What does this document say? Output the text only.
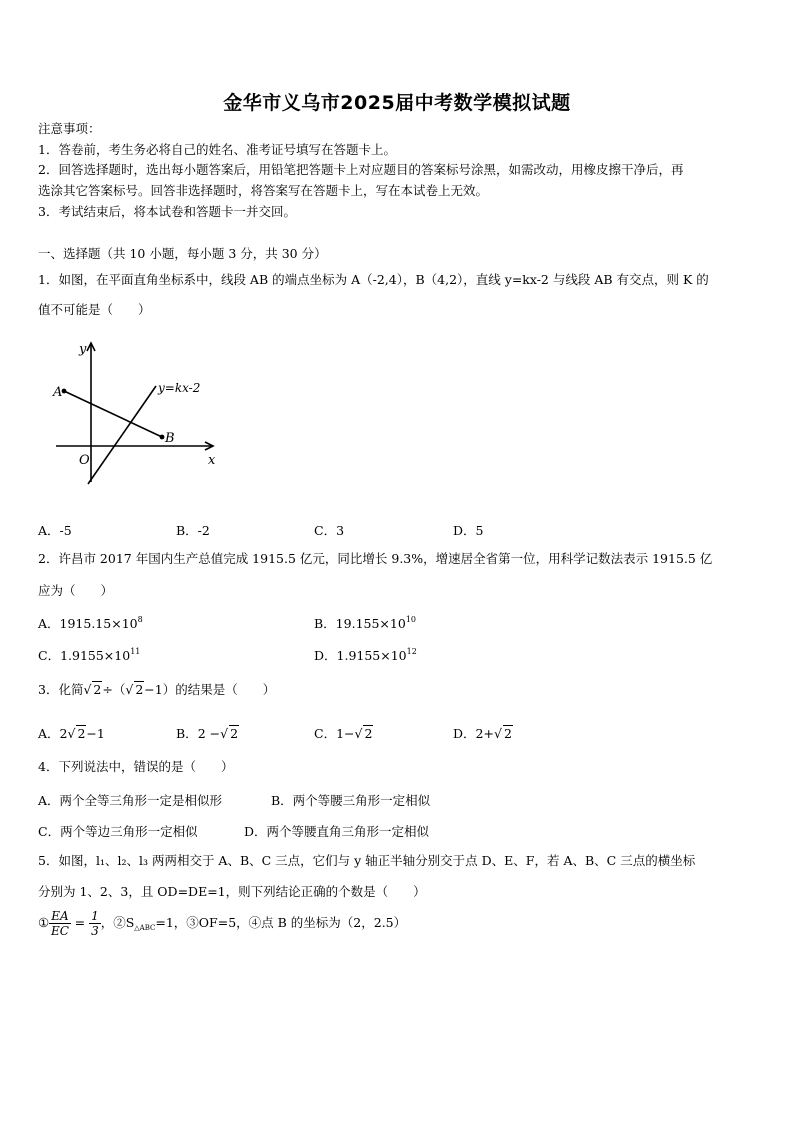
金华市义乌市2025届中考数学模拟试题
注意事项：
1．答卷前，考生务必将自己的姓名、准考证号填写在答题卡上。
2．回答选择题时，选出每小题答案后，用铅笔把答题卡上对应题目的答案标号涂黑，如需改动，用橡皮擦干净后，再
选涂其它答案标号。回答非选择题时，将答案写在答题卡上，写在本试卷上无效。
3．考试结束后，将本试卷和答题卡一并交回。
一、选择题（共 10 小题，每小题 3 分，共 30 分）
1．如图，在平面直角坐标系中，线段 AB 的端点坐标为 A（-2,4），B（4,2），直线 y=kx-2 与线段 AB 有交点，则 K 的
值不可能是（　　）
y
x
O
A
B
y=kx-2
A．-5	B．-2	C．3	D．5
2．许昌市 2017 年国内生产总值完成 1915.5 亿元，同比增长 9.3%，增速居全省第一位，用科学记数法表示 1915.5 亿
应为（　　）
A．$1915.15\times 10^8$	B．$19.155\times 10^{10}$
C．$1.9155\times 10^{11}$	D．$1.9155\times 10^{12}$
3．化简√ 2÷（√ 2−1）的结果是（　　）
A．2√ 2−1	B．2 −√ 2	C．1−√ 2	D．2+√ 2
4．下列说法中，错误的是（　　）
A．两个全等三角形一定是相似形	B．两个等腰三角形一定相似
C．两个等边三角形一定相似	D．两个等腰直角三角形一定相似
5．如图，l₁、l₂、l₃ 两两相交于 A、B、C 三点，它们与 y 轴正半轴分别交于点 D、E、F，若 A、B、C 三点的横坐标
分别为 1、2、3，且 OD=DE=1，则下列结论正确的个数是（　　）
① $\frac{EA}{EC} = \frac{1}{3}$ ，$②S_{\triangle ABC}=1$，③OF=5，④点 B 的坐标为（2，2.5）
